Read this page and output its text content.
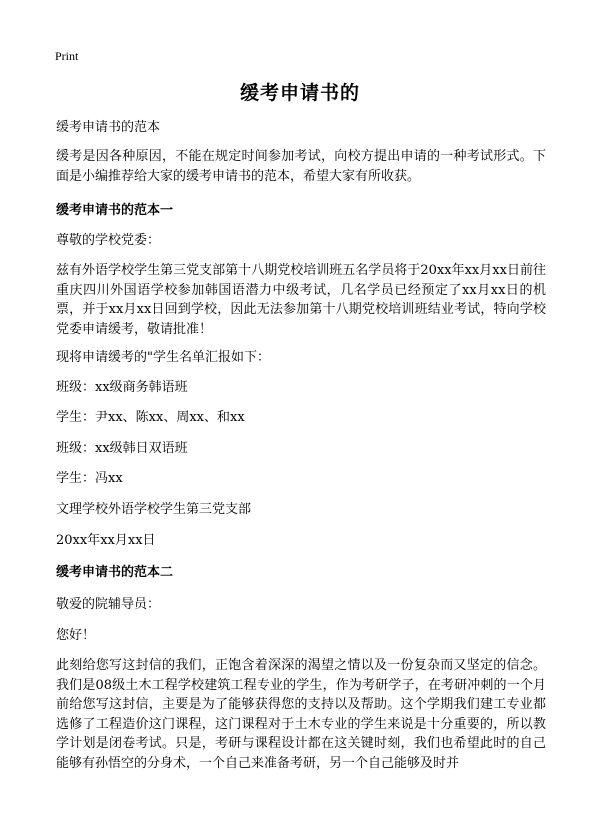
Print
缓考申请书的
缓考申请书的范本
缓考是因各种原因，不能在规定时间参加考试，向校方提出申请的一种考试形式。下面是小编推荐给大家的缓考申请书的范本，希望大家有所收获。
缓考申请书的范本一
尊敬的学校党委：
兹有外语学校学生第三党支部第十八期党校培训班五名学员将于20xx年xx月xx日前往重庆四川外国语学校参加韩国语潜力中级考试，几名学员已经预定了xx月xx日的机票，并于xx月xx日回到学校，因此无法参加第十八期党校培训班结业考试，特向学校党委申请缓考，敬请批准！
现将申请缓考的"学生名单汇报如下：
班级：xx级商务韩语班
学生：尹xx、陈xx、周xx、和xx
班级：xx级韩日双语班
学生：冯xx
文理学校外语学校学生第三党支部
20xx年xx月xx日
缓考申请书的范本二
敬爱的院辅导员：
您好！
此刻给您写这封信的我们，正饱含着深深的渴望之情以及一份复杂而又坚定的信念。我们是08级土木工程学校建筑工程专业的学生，作为考研学子，在考研冲刺的一个月前给您写这封信，主要是为了能够获得您的支持以及帮助。这个学期我们建工专业都选修了工程造价这门课程，这门课程对于土木专业的学生来说是十分重要的，所以教学计划是闭卷考试。只是，考研与课程设计都在这关键时刻，我们也希望此时的自己能够有孙悟空的分身术，一个自己来准备考研，另一个自己能够及时并
